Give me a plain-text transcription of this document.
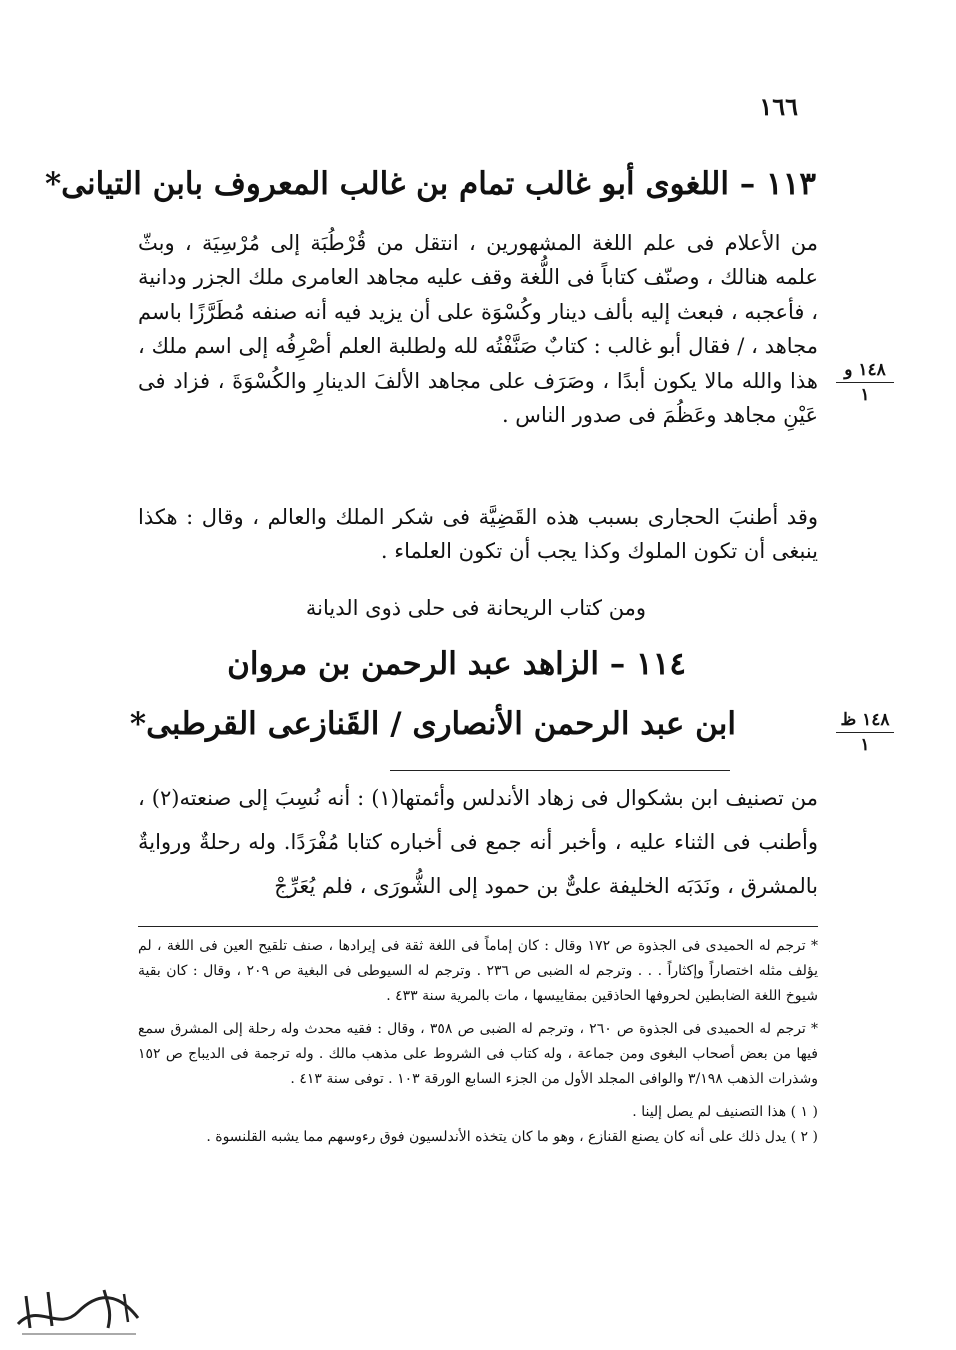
١٦٦
١١٣ – اللغوى أبو غالب تمام بن غالب المعروف بابن التيانى*

من الأعلام فى علم اللغة المشهورين ، انتقل من قُرْطُبَة إلى مُرْسِيَة ، وبثّ علمه هنالك ، وصنّف كتاباً فى اللُّغة وقف عليه مجاهد العامرى ملك الجزر ودانية ، فأعجبه ، فبعث إليه بألف دينار وكُسْوَة على أن يزيد فيه أنه صنفه مُطَرَّزًا باسم مجاهد ، / فقال أبو غالب : كتابٌ صَنَّفْتُه لله ولطلبة العلم أصْرِفُه إلى اسم ملك ، هذا والله مالا يكون أبدًا ، وصَرَف على مجاهد الألفَ الدينارِ والكُسْوَةَ ، فزاد فى عَيْنِ مجاهد وعَظُمَ فى صدور الناس .

وقد أطنبَ الحجارى بسبب هذه القَضِيَّة فى شكر الملك والعالم ، وقال : هكذا ينبغى أن تكون الملوك وكذا يجب أن تكون العلماء .

ومن كتاب الريحانة فى حلى ذوى الديانة
١١٤ – الزاهد عبد الرحمن بن مروان
ابن عبد الرحمن الأنصارى / القَنازعى القرطبى*

من تصنيف ابن بشكوال فى زهاد الأندلس وأئمتها(١) : أنه نُسِبَ إلى صنعته(٢) ، وأطنب فى الثناء عليه ، وأخبر أنه جمع فى أخباره كتابا مُفْرَدًا. وله رحلةٌ وروايةٌ بالمشرق ، ونَدَبَه الخليفة علىٌّ بن حمود إلى الشُّورَى ، فلم يُعَرِّجْ

* ترجم له الحميدى فى الجذوة ص ١٧٢ وقال : كان إماماً فى اللغة ثقة فى إيرادها ، صنف تلقيح العين فى اللغة ، لم يؤلف مثله اختصاراً وإكثاراً . . . وترجم له الضبى ص ٢٣٦ . وترجم له السيوطى فى البغية ص ٢٠٩ ، وقال : كان بقية شيوخ اللغة الضابطين لحروفها الحاذقين بمقاييسها ، مات بالمرية سنة ٤٣٣ .

* ترجم له الحميدى فى الجذوة ص ٢٦٠ ، وترجم له الضبى ص ٣٥٨ ، وقال : فقيه محدث وله رحلة إلى المشرق سمع فيها من بعض أصحاب البغوى ومن جماعة ، وله كتاب فى الشروط على مذهب مالك . وله ترجمة فى الديباج ص ١٥٢ وشذرات الذهب ٣/١٩٨ والوافى المجلد الأول من الجزء السابع الورقة ١٠٣ . توفى سنة ٤١٣ .

( ١ ) هذا التصنيف لم يصل إلينا .

( ٢ ) يدل ذلك على أنه كان يصنع القنازع ، وهو ما كان يتخذه الأندلسيون فوق رءوسهم مما يشبه القلنسوة .

١٤٨ و
١
١٤٨ ظ
١
